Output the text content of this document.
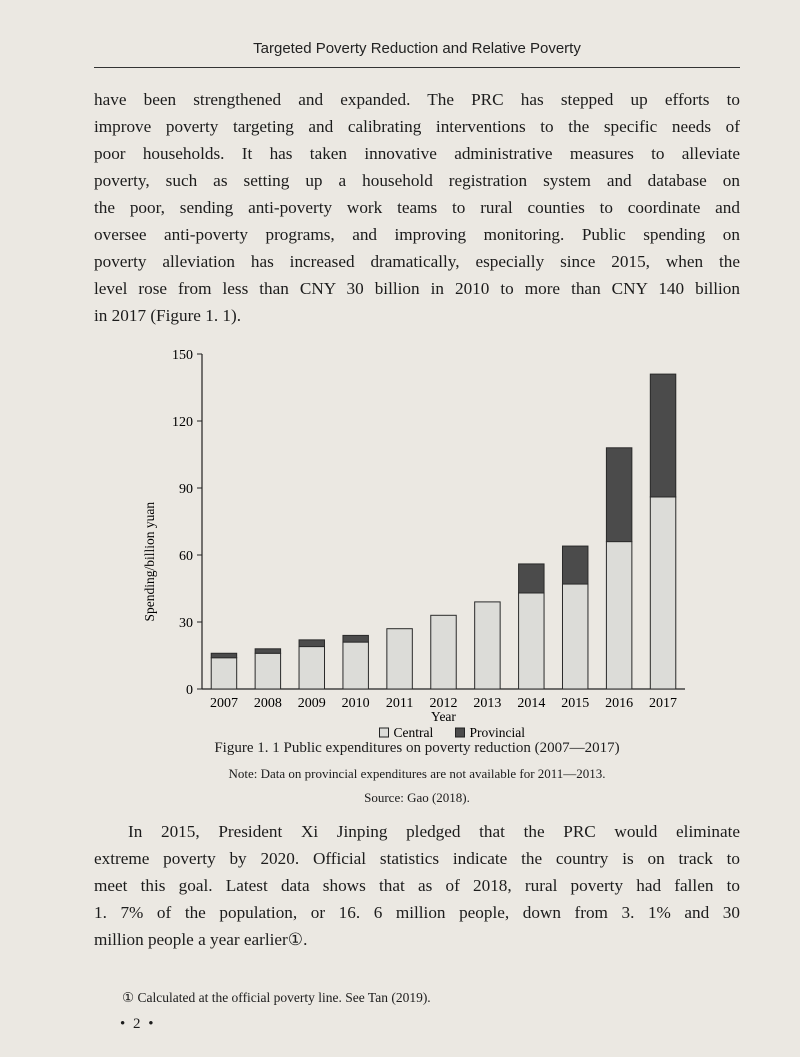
Targeted Poverty Reduction and Relative Poverty
have been strengthened and expanded. The PRC has stepped up efforts to
improve poverty targeting and calibrating interventions to the specific needs of
poor households. It has taken innovative administrative measures to alleviate
poverty, such as setting up a household registration system and database on
the poor, sending anti-poverty work teams to rural counties to coordinate and
oversee anti-poverty programs, and improving monitoring. Public spending on
poverty alleviation has increased dramatically, especially since 2015, when the
level rose from less than CNY 30 billion in 2010 to more than CNY 140 billion
in 2017 (Figure 1. 1).
0
30
60
90
120
150
Spending/billion yuan
2007 2008 2009 2010 2011 2012 2013 2014 2015 2016 2017
Year
Central	Provincial
Figure 1. 1 Public expenditures on poverty reduction (2007—2017)
Note: Data on provincial expenditures are not available for 2011—2013.
Source: Gao (2018).
In 2015, President Xi Jinping pledged that the PRC would eliminate
extreme poverty by 2020. Official statistics indicate the country is on track to
meet this goal. Latest data shows that as of 2018, rural poverty had fallen to
1. 7% of the population, or 16. 6 million people, down from 3. 1% and 30
million people a year earlier①.
① Calculated at the official poverty line. See Tan (2019).
• 2 •
